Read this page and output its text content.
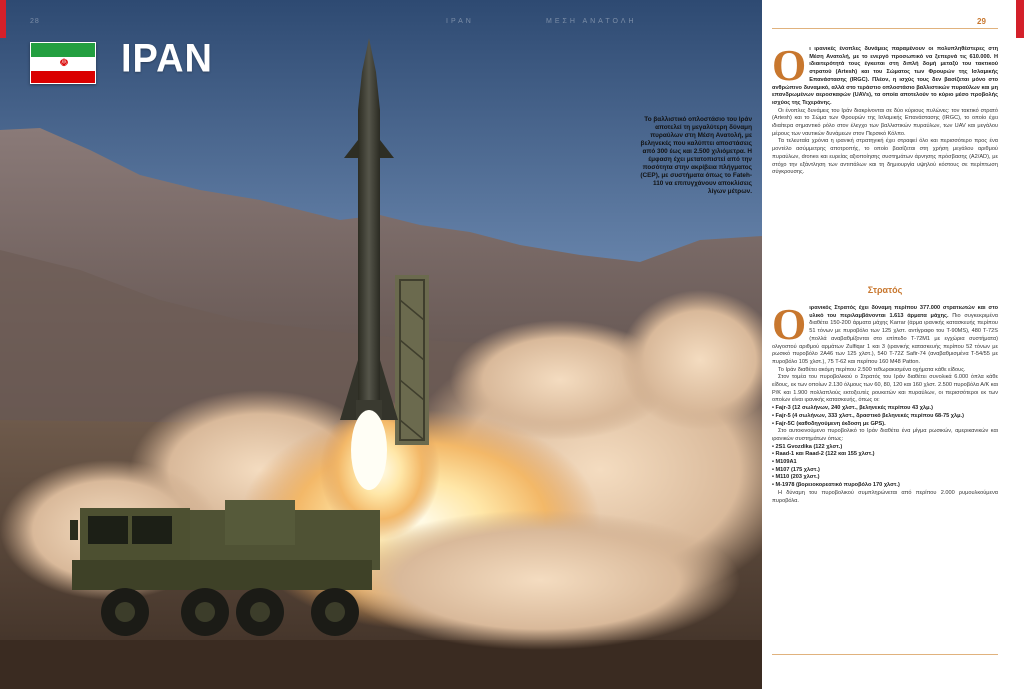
28	ΙΡΑΝ	ΜΕΣΗ ΑΝΑΤΟΛΗ
☫ ΙΡΑΝ
Το βαλλιστικό οπλοστάσιο του Ιράν αποτελεί τη μεγαλύτερη δύναμη πυραύλων στη Μέση Ανατολή, με βεληνεκές που καλύπτει αποστάσεις από 300 έως και 2.500 χιλιόμετρα. Η έμφαση έχει μετατοπιστεί από την ποσότητα στην ακρίβεια πλήγματος (CEP), με συστήματα όπως το Fateh-110 να επιτυγχάνουν αποκλίσεις λίγων μέτρων.
29
Ο ι ιρανικές ένοπλες δυνάμεις παραμένουν οι πολυπληθέστερες στη Μέση Ανατολή, με το ενεργό προσωπικό να ξεπερνά τις 610.000. Η ιδιαιτερότητά τους έγκειται στη διπλή δομή μεταξύ του τακτικού στρατού (Artesh) και του Σώματος των Φρουρών της Ισλαμικής Επανάστασης (IRGC). Πλέον, η ισχύς τους δεν βασίζεται μόνο στο ανθρώπινο δυναμικό, αλλά στο τεράστιο οπλοστάσιο βαλλιστικών πυραύλων και μη επανδρωμένων αεροσκαφών (UAVs), τα οποία αποτελούν το κύριο μέσο προβολής ισχύος της Τεχεράνης.
Οι ένοπλες δυνάμεις του Ιράν διακρίνονται σε δύο κύριους πυλώνες: τον τακτικό στρατό (Artesh) και το Σώμα των Φρουρών της Ισλαμικής Επανάστασης (IRGC), το οποίο έχει ιδιαίτερα σημαντικό ρόλο στον έλεγχο των βαλλιστικών πυραύλων, των UAV και μεγάλου μέρους των ναυτικών δυνάμεων στον Περσικό Κόλπο.
Τα τελευταία χρόνια η ιρανική στρατηγική έχει στραφεί όλο και περισσότερο προς ένα μοντέλο ασύμμετρης αποτροπής, το οποίο βασίζεται στη χρήση μεγάλου αριθμού πυραύλων, drones και ευρείας αξιοποίησης συστημάτων άρνησης πρόσβασης (A2/AD), με στόχο την εξάντληση των αντιπάλων και τη δημιουργία υψηλού κόστους σε περίπτωση σύγκρουσης.
Στρατός
Ο ιρανικός Στρατός έχει δύναμη περίπου 377.000 στρατιωτών και στο υλικό του περιλαμβάνονται 1.613 άρματα μάχης. Πιο συγκεκριμένα διαθέτει 150-200 άρματα μάχης Karrar (άρμα ιρανικής κατασκευής περίπου 51 τόνων με πυροβόλο των 125 χλστ. αντίγραφο του T-90MS), 480 T-72S (πολλά αναβαθμίζονται στο επίπεδο T-72M1 με εγχώρια συστήματα) ολιγοστού αριθμού αρμάτων Zulfiqar 1 και 3 (ιρανικής κατασκευής περίπου 52 τόνων με ρωσικό πυροβόλο 2A46 των 125 χλστ.), 540 T-72Z Safir-74 (αναβαθμισμένα T-54/55 με πυροβόλο 105 χλστ.), 75 T-62 και περίπου 160 M48 Patton.
Το Ιράν διαθέτει ακόμη περίπου 2.500 τεθωρακισμένα οχήματα κάθε είδους.
Στον τομέα του πυροβολικού ο Στρατός του Ιράν διαθέτει συνολικά 6.000 όπλα κάθε είδους, εκ των οποίων 2.130 όλμους των 60, 80, 120 και 160 χλστ. 2.500 πυροβόλα Α/Κ και Ρ/Κ και 1.900 πολλαπλούς εκτοξευτές ρουκετών και πυραύλων, οι περισσότεροι εκ των οποίων είναι ιρανικής κατασκευής, όπως οι:
• Fajr-3 (12 σωλήνων, 240 χλστ., βεληνεκές περίπου 43 χλμ.)
• Fajr-5 (4 σωλήνων, 333 χλστ., δραστικό βεληνεκές περίπου 68-75 χλμ.)
• Fajr-5C (καθοδηγούμενη έκδοση με GPS).
Στο αυτοκινούμενο πυροβολικό το Ιράν διαθέτει ένα μίγμα ρωσικών, αμερικανικών και ιρανικών συστημάτων όπως:
• 2S1 Gvozdika (122 χλστ.)
• Raad-1 και Raad-2 (122 και 155 χλστ.)
• M109A1
• M107 (175 χλστ.)
• M110 (203 χλστ.)
• M-1978 (βορειοκορεατικό πυροβόλο 170 χλστ.)
Η δύναμη του πυροβολικού συμπληρώνεται από περίπου 2.000 ρυμουλκούμενα πυροβόλα.
